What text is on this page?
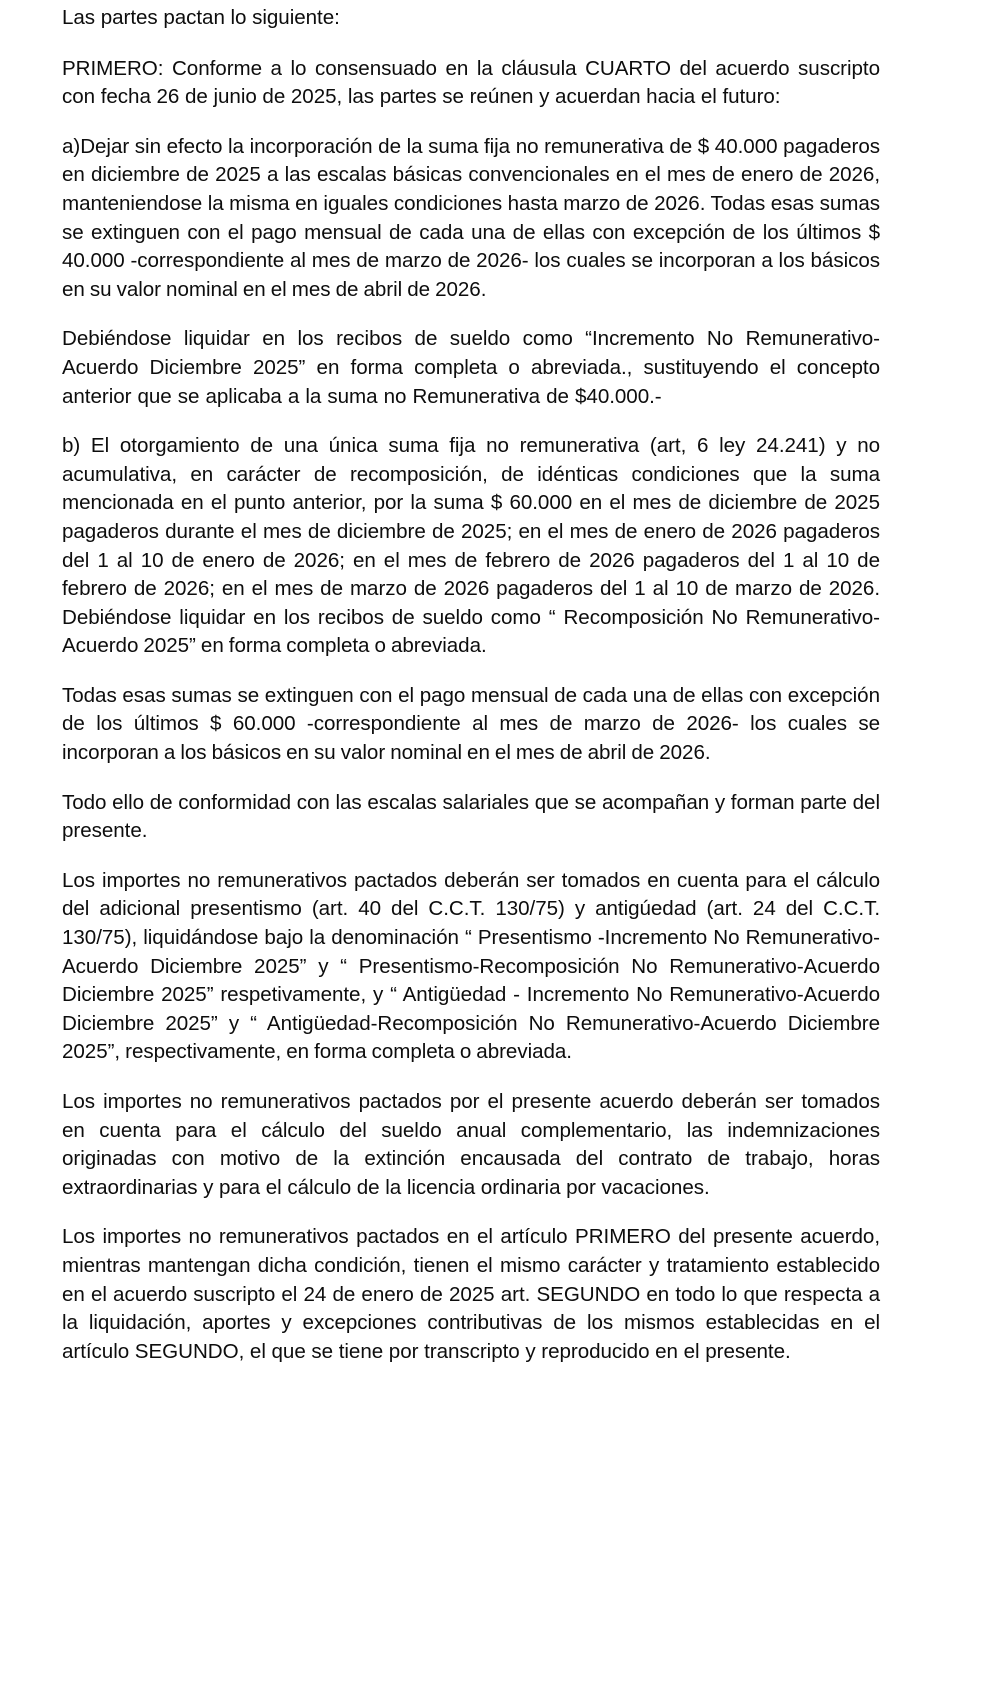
Las partes pactan lo siguiente:

PRIMERO: Conforme a lo consensuado en la cláusula CUARTO del acuerdo suscripto con fecha 26 de junio de 2025, las partes se reúnen y acuerdan hacia el futuro:

a)Dejar sin efecto la incorporación de la suma fija no remunerativa de $ 40.000 pagaderos en diciembre de 2025 a las escalas básicas convencionales en el mes de enero de 2026, manteniendose la misma en iguales condiciones hasta marzo de 2026. Todas esas sumas se extinguen con el pago mensual de cada una de ellas con excepción de los últimos $ 40.000 -correspondiente al mes de marzo de 2026- los cuales se incorporan a los básicos en su valor nominal en el mes de abril de 2026.

Debiéndose liquidar en los recibos de sueldo como “Incremento No Remunerativo-Acuerdo Diciembre 2025” en forma completa o abreviada., sustituyendo el concepto anterior que se aplicaba a la suma no Remunerativa de $40.000.-

b) El otorgamiento de una única suma fija no remunerativa (art, 6 ley 24.241) y no acumulativa, en carácter de recomposición, de idénticas condiciones que la suma mencionada en el punto anterior, por la suma $ 60.000 en el mes de diciembre de 2025 pagaderos durante el mes de diciembre de 2025; en el mes de enero de 2026 pagaderos del 1 al 10 de enero de 2026; en el mes de febrero de 2026 pagaderos del 1 al 10 de febrero de 2026; en el mes de marzo de 2026 pagaderos del 1 al 10 de marzo de 2026. Debiéndose liquidar en los recibos de sueldo como “ Recomposición No Remunerativo-Acuerdo 2025” en forma completa o abreviada.

Todas esas sumas se extinguen con el pago mensual de cada una de ellas con excepción de los últimos $ 60.000 -correspondiente al mes de marzo de 2026- los cuales se incorporan a los básicos en su valor nominal en el mes de abril de 2026.

Todo ello de conformidad con las escalas salariales que se acompañan y forman parte del presente.

Los importes no remunerativos pactados deberán ser tomados en cuenta para el cálculo del adicional presentismo (art. 40 del C.C.T. 130/75) y antigúedad (art. 24 del C.C.T. 130/75), liquidándose bajo la denominación “ Presentismo -Incremento No Remunerativo-Acuerdo Diciembre 2025” y “ Presentismo-Recomposición No Remunerativo-Acuerdo Diciembre 2025” respetivamente, y “ Antigüedad - Incremento No Remunerativo-Acuerdo Diciembre 2025” y “ Antigüedad-Recomposición No Remunerativo-Acuerdo Diciembre 2025”, respectivamente, en forma completa o abreviada.

Los importes no remunerativos pactados por el presente acuerdo deberán ser tomados en cuenta para el cálculo del sueldo anual complementario, las indemnizaciones originadas con motivo de la extinción encausada del contrato de trabajo, horas extraordinarias y para el cálculo de la licencia ordinaria por vacaciones.

Los importes no remunerativos pactados en el artículo PRIMERO del presente acuerdo, mientras mantengan dicha condición, tienen el mismo carácter y tratamiento establecido en el acuerdo suscripto el 24 de enero de 2025 art. SEGUNDO en todo lo que respecta a la liquidación, aportes y excepciones contributivas de los mismos establecidas en el artículo SEGUNDO, el que se tiene por transcripto y reproducido en el presente.
